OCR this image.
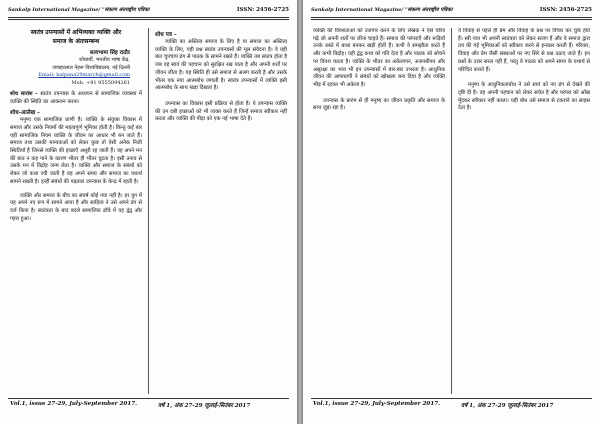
Sankalp International Magazine/ "संकल्प अंतराष्ट्रीय पत्रिका	ISSN: 2456-2725
स्वतंत्र उपन्यासों में अभिव्यक्त व्यक्ति और
समाज के अंतःसम्बन्ध
सत्यभामा सिंह राठौर
शोधार्थी, भारतीय भाषा केंद्र,
जवाहरलाल नेहरू विश्वविद्यालय, नई दिल्ली
Email: kalpana29march@gmail.com
Mob. +91 9555094261
शोध सारांश – स्वतंत्र उपन्यास के अध्ययन से सामाजिक व्यवस्था में व्यक्ति की स्थिति का आकलन करना।
शोध-आलेख –

मनुष्य एक सामाजिक प्राणी है। व्यक्ति के संयुक्त विकास में समाज और उसके नियमों की महत्वपूर्ण भूमिका होती है। किन्तु कई बार यही सामाजिक नियम व्यक्ति के जीवन का आधार भी बन जाते हैं। समाज तथा उसकी मान्यताओं को लेकर कुछ तो ऐसी अनेक निजी स्थितियाँ हैं जिनसे व्यक्ति की इच्छाएँ अधूरी रह जाती हैं। वह अपने मन की बात न कह पाने के कारण भीतर ही भीतर घुटता है। इसी तनाव से उसके मन में विद्रोह जन्म लेता है। व्यक्ति और समाज के संबंधों को लेकर जो कथा रची जाती है वह अपने समय और समाज का यथार्थ सामने रखती है। इन्हीं संबंधों की पड़ताल उपन्यास के केन्द्र में रहती है।

व्यक्ति और समाज के बीच का संघर्ष कोई नया नहीं है। हर युग में यह अपने नए रूप में सामने आया है और साहित्य ने उसे अपने ढंग से दर्ज किया है। स्वतंत्रता के बाद बदले सामाजिक ढाँचे में यह द्वंद्व और गहरा हुआ।

शोध पत्र –

व्यक्ति का अस्तित्व समाज के लिए है या समाज का अस्तित्व व्यक्ति के लिए, यही प्रश्न स्वतंत्र उपन्यासों की मूल संवेदना है। वे यही बात चुपचाप ढंग से पाठक के सामने रखते हैं। व्यक्ति तब स्वतंत्र होता है जब वह स्वयं की पहचान को सुरक्षित रख पाता है और अपनी शर्तों पर जीवन जीता है। यह स्थिति ही उसे समाज से अलग करती है और उसके भीतर एक नया आत्मबोध जगाती है। स्वतंत्र उपन्यासों में व्यक्ति इसी आत्मबोध के साथ खड़ा दिखता है।

उपन्यास का विकास इसी प्रक्रिया से होता है। ये उपन्यास व्यक्ति की उन दबी इच्छाओं को भी व्यक्त करते हैं जिन्हें समाज स्वीकार नहीं करता और व्यक्ति की पीड़ा को एक नई भाषा देते हैं।

Vol.1, issue 27-29, July-September 2017.	वर्ष 1, अंक 27-29 जुलाई-सितंबर 2017
Sankalp International Magazine/ "संकल्प अंतराष्ट्रीय पत्रिका	ISSN: 2456-2725

व्यक्ति की विवशताओं को उजागर करने के लिए लेखक ने ऐसे चरित्र गढ़े जो अपनी शर्तों पर जीना चाहते हैं। समाज की परंपराएँ और रूढ़ियाँ उनके रास्ते में बाधा बनकर खड़ी होती हैं। कभी वे समझौता करते हैं और कभी विद्रोह। यही द्वंद्व कथा को गति देता है और पाठक को सोचने पर विवश करता है। व्यक्ति के भीतर का अकेलापन, अजनबीपन और असुरक्षा का भाव भी इन उपन्यासों में बार-बार उभरता है। आधुनिक जीवन की आपाधापी ने संबंधों को खोखला बना दिया है और व्यक्ति भीड़ में रहकर भी अकेला है।

उपन्यास के प्रारंभ से ही मनुष्य का जीवन प्रकृति और समाज के साथ जुड़ा रहा है।

ये विवाह से पहले ही प्रेम और विवाह के प्रश्न पर विचार कर चुके होते हैं। स्त्री पात्र भी अपनी स्वतंत्रता को लेकर सजग हैं और वे समाज द्वारा तय की गई भूमिकाओं को स्वीकार करने से इनकार करती हैं। परिवार, विवाह और प्रेम जैसी संस्थाओं पर नए सिरे से प्रश्न उठाए जाते हैं। इन प्रश्नों के उत्तर सरल नहीं हैं, परंतु वे पाठक को अपने समय के यथार्थ से परिचित कराते हैं।

मनुष्य के आधुनिकताबोध ने उसे स्वयं को नए ढंग से देखने की दृष्टि दी है। वह अपनी पहचान को लेकर सचेत है और परंपरा को आँख मूँदकर स्वीकार नहीं करता। यही बोध उसे समाज से टकराने का साहस देता है।

Vol.1, issue 27-29, July-September 2017.	वर्ष 1, अंक 27-29 जुलाई-सितंबर 2017
